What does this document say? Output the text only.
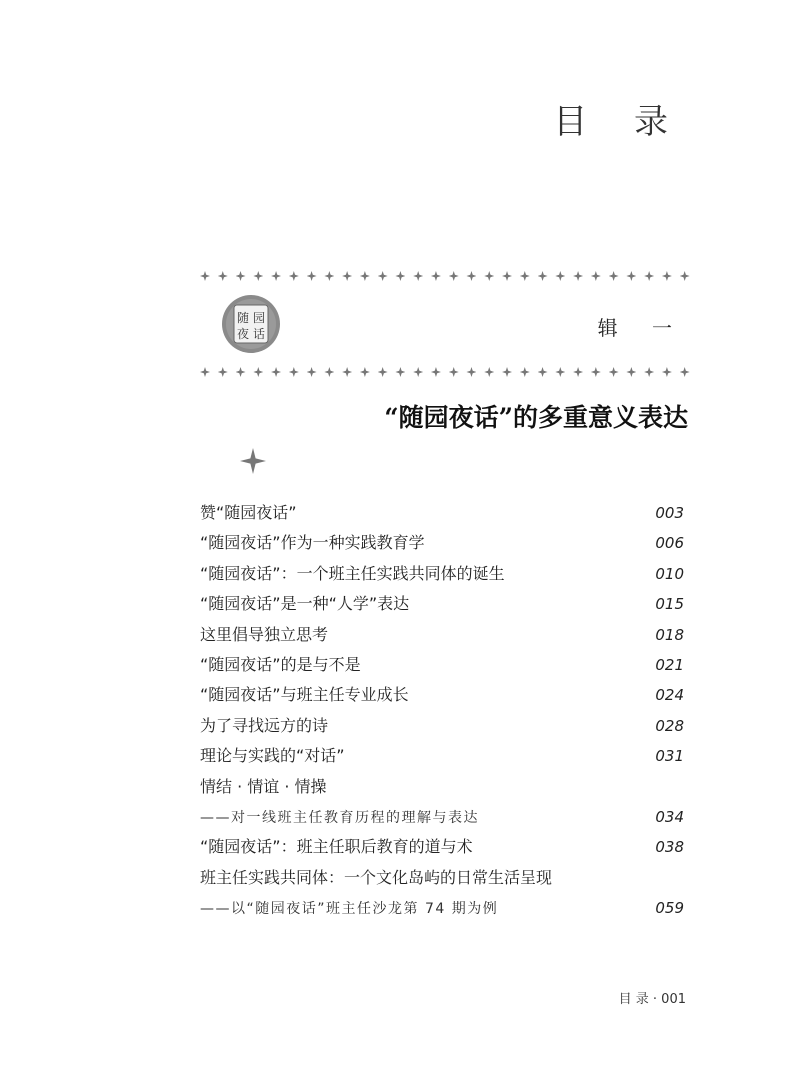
目 录
随 园
夜 话	辑 一
“随园夜话”的多重意义表达
赞“随园夜话”	003
“随园夜话”作为一种实践教育学	006
“随园夜话”：一个班主任实践共同体的诞生	010
“随园夜话”是一种“人学”表达	015
这里倡导独立思考	018
“随园夜话”的是与不是	021
“随园夜话”与班主任专业成长	024
为了寻找远方的诗	028
理论与实践的“对话”	031
情结 · 情谊 · 情操
——对一线班主任教育历程的理解与表达	034
“随园夜话”：班主任职后教育的道与术	038
班主任实践共同体：一个文化岛屿的日常生活呈现
——以“随园夜话”班主任沙龙第 74 期为例	059
目 录 · 001
